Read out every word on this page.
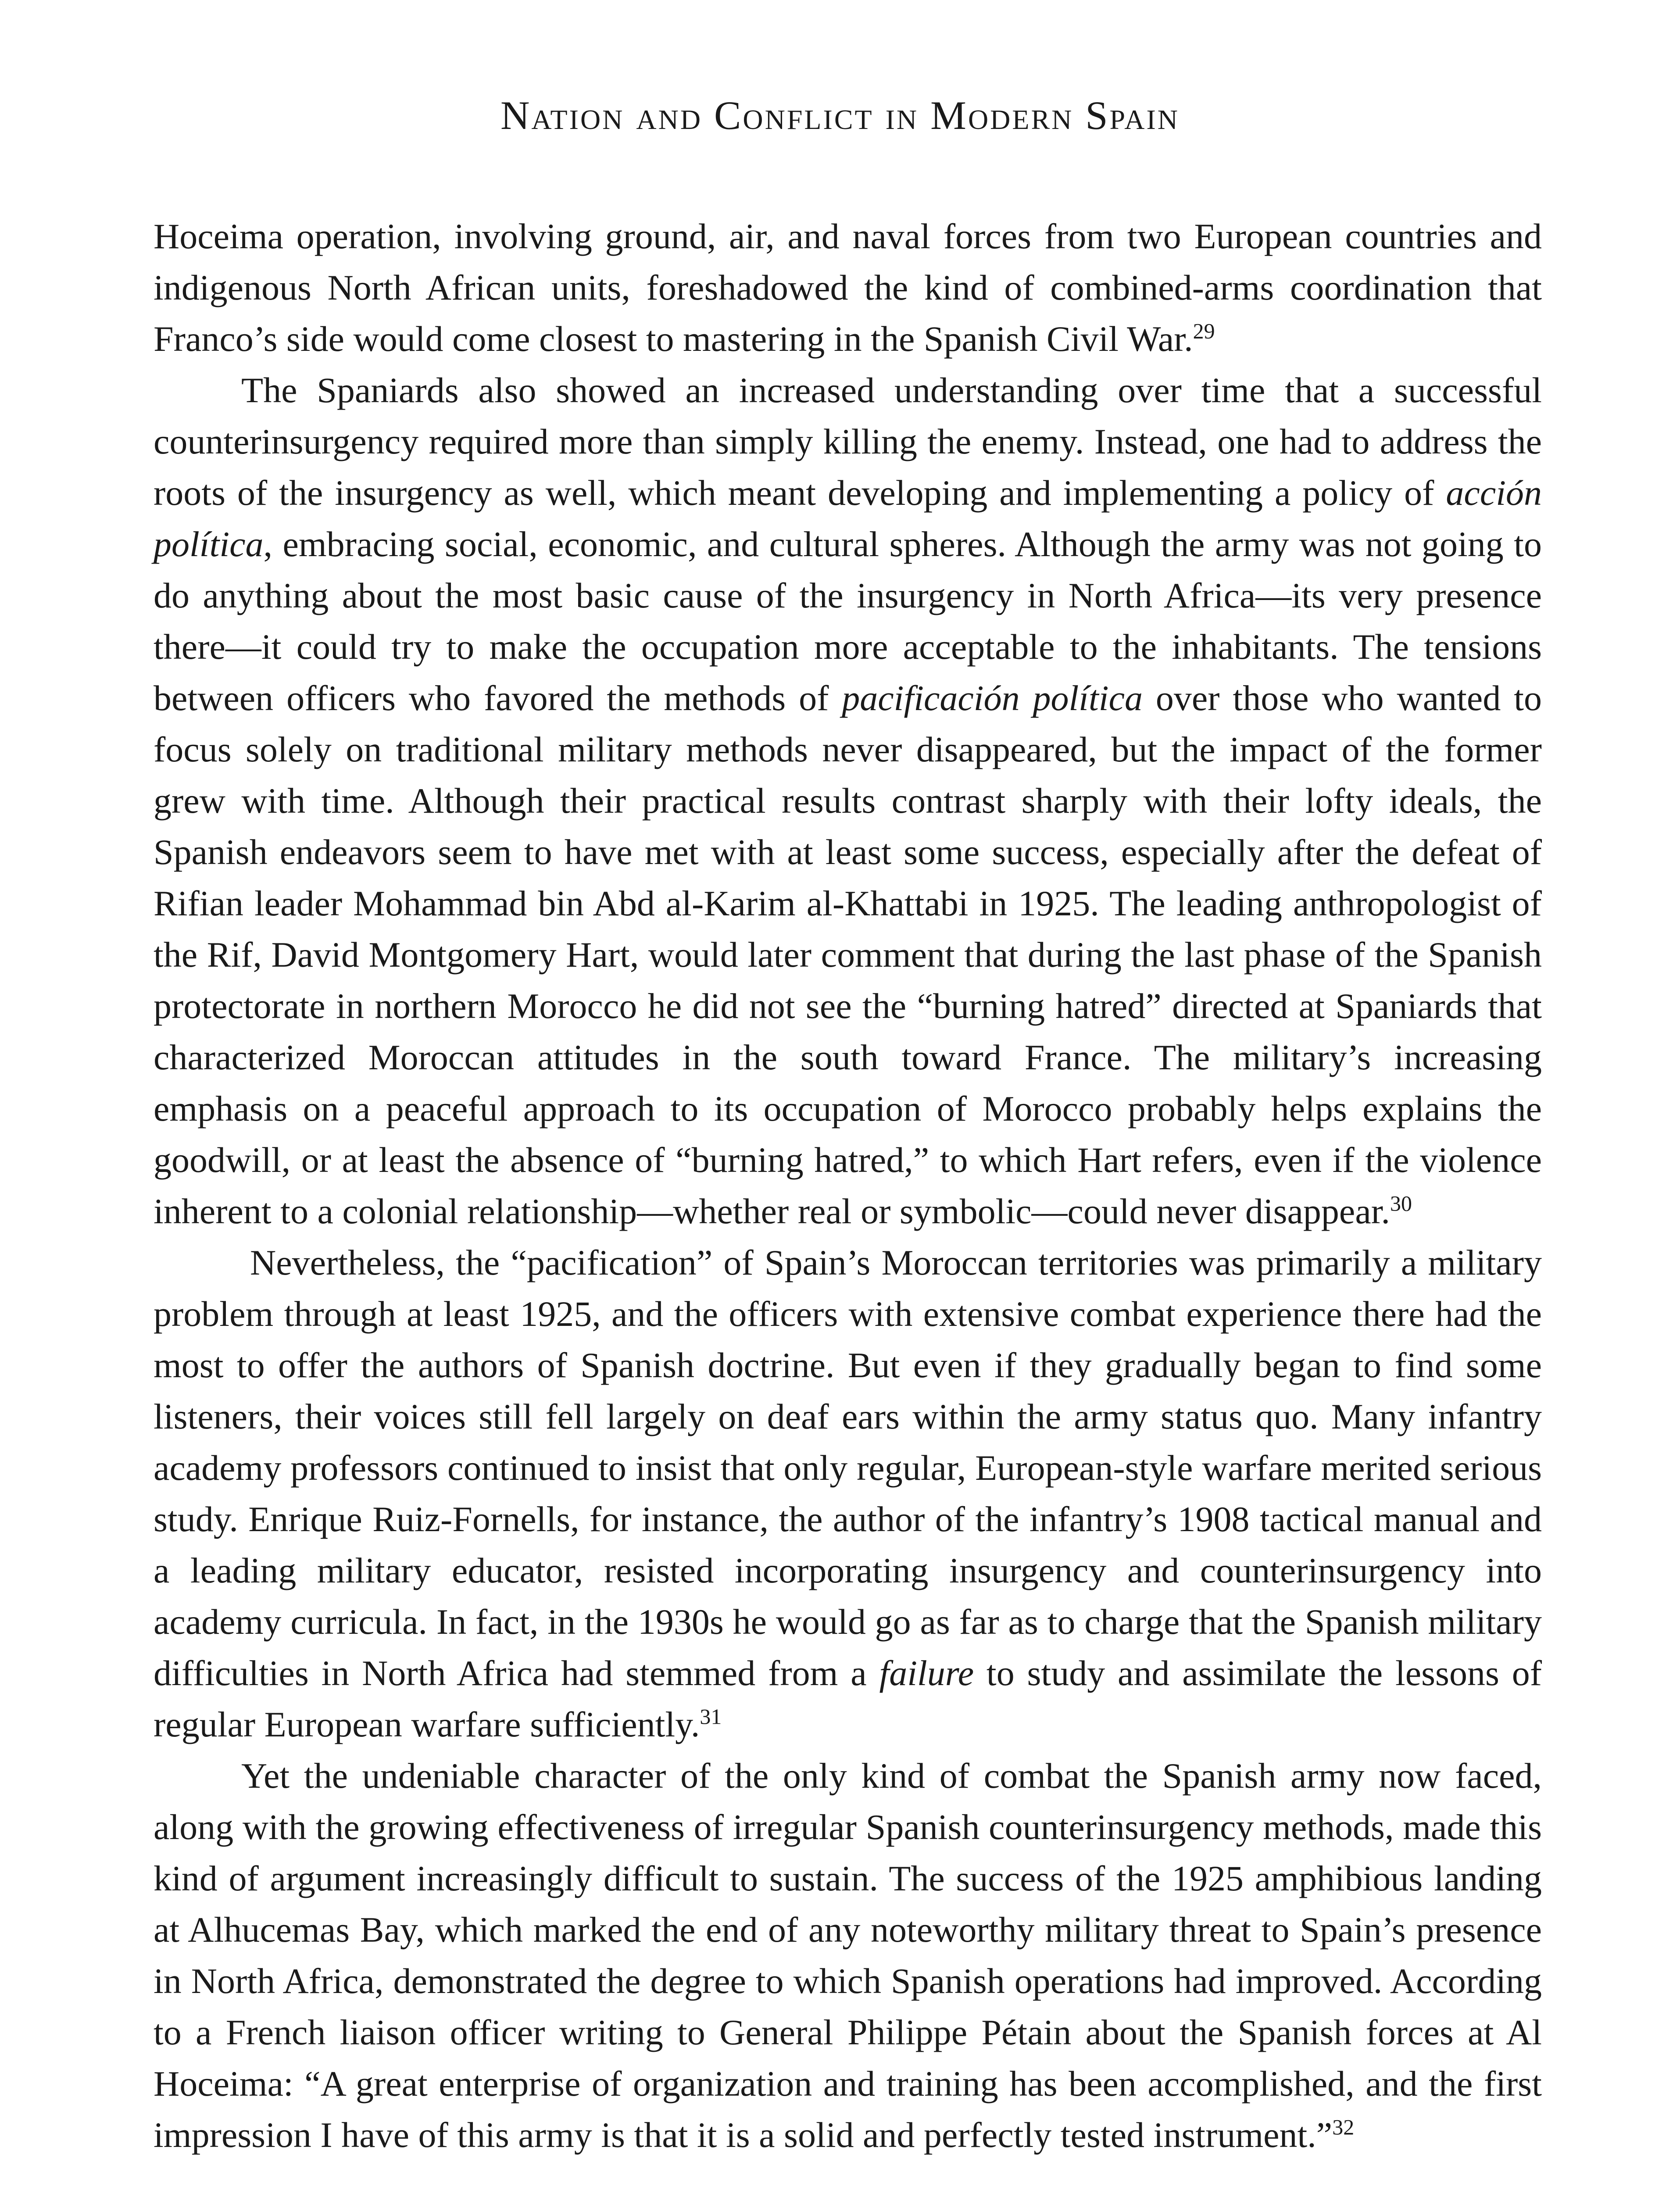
Nation and Conflict in Modern Spain

Hoceima operation, involving ground, air, and naval forces from two European countries and indigenous North African units, foreshadowed the kind of combined-arms coordination that Franco’s side would come closest to mastering in the Spanish Civil War.$^{29}$

The Spaniards also showed an increased understanding over time that a successful counterinsurgency required more than simply killing the enemy. Instead, one had to address the roots of the insurgency as well, which meant developing and implementing a policy of acción política, embracing social, economic, and cultural spheres. Although the army was not going to do anything about the most basic cause of the insurgency in North Africa—its very presence there—it could try to make the occupation more acceptable to the inhabitants. The tensions between officers who favored the methods of pacificación política over those who wanted to focus solely on traditional military methods never disappeared, but the impact of the former grew with time. Although their practical results contrast sharply with their lofty ideals, the Spanish endeavors seem to have met with at least some success, especially after the defeat of Rifian leader Mohammad bin Abd al-Karim al-Khattabi in 1925. The leading anthropologist of the Rif, David Montgomery Hart, would later comment that during the last phase of the Spanish protectorate in northern Morocco he did not see the “burning hatred” directed at Spaniards that characterized Moroccan attitudes in the south toward France. The military’s increasing emphasis on a peaceful approach to its occupation of Morocco probably helps explains the goodwill, or at least the absence of “burning hatred,” to which Hart refers, even if the violence inherent to a colonial relationship—whether real or symbolic—could never disappear.$^{30}$

Nevertheless, the “pacification” of Spain’s Moroccan territories was primarily a military problem through at least 1925, and the officers with extensive combat experience there had the most to offer the authors of Spanish doctrine. But even if they gradually began to find some listeners, their voices still fell largely on deaf ears within the army status quo. Many infantry academy professors continued to insist that only regular, European-style warfare merited serious study. Enrique Ruiz-Fornells, for instance, the author of the infantry’s 1908 tactical manual and a leading military educator, resisted incorporating insurgency and counterinsurgency into academy curricula. In fact, in the 1930s he would go as far as to charge that the Spanish military difficulties in North Africa had stemmed from a failure to study and assimilate the lessons of regular European warfare sufficiently.$^{31}$

Yet the undeniable character of the only kind of combat the Spanish army now faced, along with the growing effectiveness of irregular Spanish counterinsurgency methods, made this kind of argument increasingly difficult to sustain. The success of the 1925 amphibious landing at Alhucemas Bay, which marked the end of any noteworthy military threat to Spain’s presence in North Africa, demonstrated the degree to which Spanish operations had improved. According to a French liaison officer writing to General Philippe Pétain about the Spanish forces at Al Hoceima: “A great enterprise of organization and training has been accomplished, and the first impression I have of this army is that it is a solid and perfectly tested instrument.”$^{32}$
